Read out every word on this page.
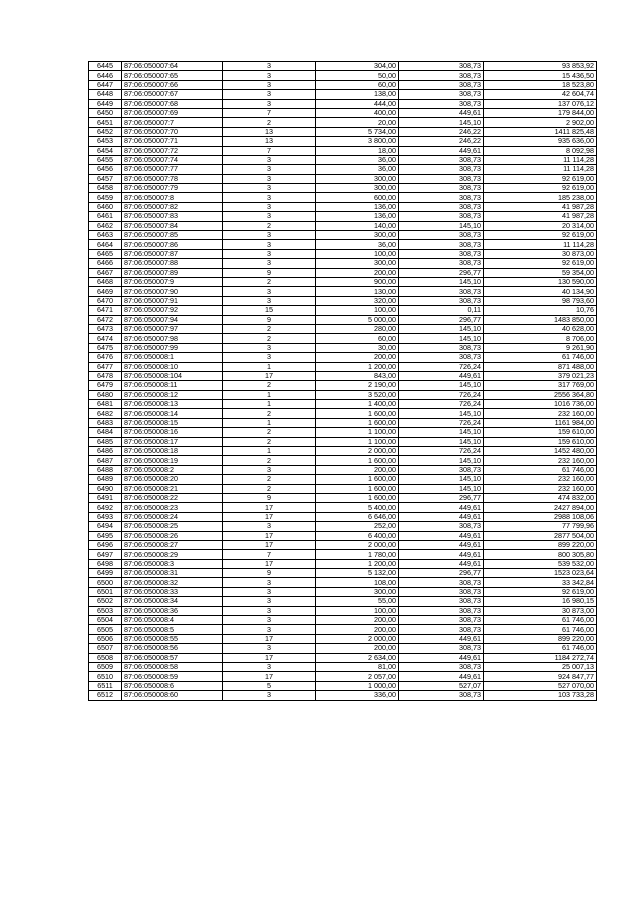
6445	87:06:050007:64	3	304,00	308,73	93 853,92
6446	87:06:050007:65	3	50,00	308,73	15 436,50
6447	87:06:050007:66	3	60,00	308,73	18 523,80
6448	87:06:050007:67	3	138,00	308,73	42 604,74
6449	87:06:050007:68	3	444,00	308,73	137 076,12
6450	87:06:050007:69	7	400,00	449,61	179 844,00
6451	87:06:050007:7	2	20,00	145,10	2 902,00
6452	87:06:050007:70	13	5 734,00	246,22	1411 825,48
6453	87:06:050007:71	13	3 800,00	246,22	935 636,00
6454	87:06:050007:72	7	18,00	449,61	8 092,98
6455	87:06:050007:74	3	36,00	308,73	11 114,28
6456	87:06:050007:77	3	36,00	308,73	11 114,28
6457	87:06:050007:78	3	300,00	308,73	92 619,00
6458	87:06:050007:79	3	300,00	308,73	92 619,00
6459	87:06:050007:8	3	600,00	308,73	185 238,00
6460	87:06:050007:82	3	136,00	308,73	41 987,28
6461	87:06:050007:83	3	136,00	308,73	41 987,28
6462	87:06:050007:84	2	140,00	145,10	20 314,00
6463	87:06:050007:85	3	300,00	308,73	92 619,00
6464	87:06:050007:86	3	36,00	308,73	11 114,28
6465	87:06:050007:87	3	100,00	308,73	30 873,00
6466	87:06:050007:88	3	300,00	308,73	92 619,00
6467	87:06:050007:89	9	200,00	296,77	59 354,00
6468	87:06:050007:9	2	900,00	145,10	130 590,00
6469	87:06:050007:90	3	130,00	308,73	40 134,90
6470	87:06:050007:91	3	320,00	308,73	98 793,60
6471	87:06:050007:92	15	100,00	0,11	10,76
6472	87:06:050007:94	9	5 000,00	296,77	1483 850,00
6473	87:06:050007:97	2	280,00	145,10	40 628,00
6474	87:06:050007:98	2	60,00	145,10	8 706,00
6475	87:06:050007:99	3	30,00	308,73	9 261,90
6476	87:06:050008:1	3	200,00	308,73	61 746,00
6477	87:06:050008:10	1	1 200,00	726,24	871 488,00
6478	87:06:050008:104	17	843,00	449,61	379 021,23
6479	87:06:050008:11	2	2 190,00	145,10	317 769,00
6480	87:06:050008:12	1	3 520,00	726,24	2556 364,80
6481	87:06:050008:13	1	1 400,00	726,24	1016 736,00
6482	87:06:050008:14	2	1 600,00	145,10	232 160,00
6483	87:06:050008:15	1	1 600,00	726,24	1161 984,00
6484	87:06:050008:16	2	1 100,00	145,10	159 610,00
6485	87:06:050008:17	2	1 100,00	145,10	159 610,00
6486	87:06:050008:18	1	2 000,00	726,24	1452 480,00
6487	87:06:050008:19	2	1 600,00	145,10	232 160,00
6488	87:06:050008:2	3	200,00	308,73	61 746,00
6489	87:06:050008:20	2	1 600,00	145,10	232 160,00
6490	87:06:050008:21	2	1 600,00	145,10	232 160,00
6491	87:06:050008:22	9	1 600,00	296,77	474 832,00
6492	87:06:050008:23	17	5 400,00	449,61	2427 894,00
6493	87:06:050008:24	17	6 646,00	449,61	2988 108,06
6494	87:06:050008:25	3	252,00	308,73	77 799,96
6495	87:06:050008:26	17	6 400,00	449,61	2877 504,00
6496	87:06:050008:27	17	2 000,00	449,61	899 220,00
6497	87:06:050008:29	7	1 780,00	449,61	800 305,80
6498	87:06:050008:3	17	1 200,00	449,61	539 532,00
6499	87:06:050008:31	9	5 132,00	296,77	1523 023,64
6500	87:06:050008:32	3	108,00	308,73	33 342,84
6501	87:06:050008:33	3	300,00	308,73	92 619,00
6502	87:06:050008:34	3	55,00	308,73	16 980,15
6503	87:06:050008:36	3	100,00	308,73	30 873,00
6504	87:06:050008:4	3	200,00	308,73	61 746,00
6505	87:06:050008:5	3	200,00	308,73	61 746,00
6506	87:06:050008:55	17	2 000,00	449,61	899 220,00
6507	87:06:050008:56	3	200,00	308,73	61 746,00
6508	87:06:050008:57	17	2 634,00	449,61	1184 272,74
6509	87:06:050008:58	3	81,00	308,73	25 007,13
6510	87:06:050008:59	17	2 057,00	449,61	924 847,77
6511	87:06:050008:6	5	1 000,00	527,07	527 070,00
6512	87:06:050008:60	3	336,00	308,73	103 733,28
